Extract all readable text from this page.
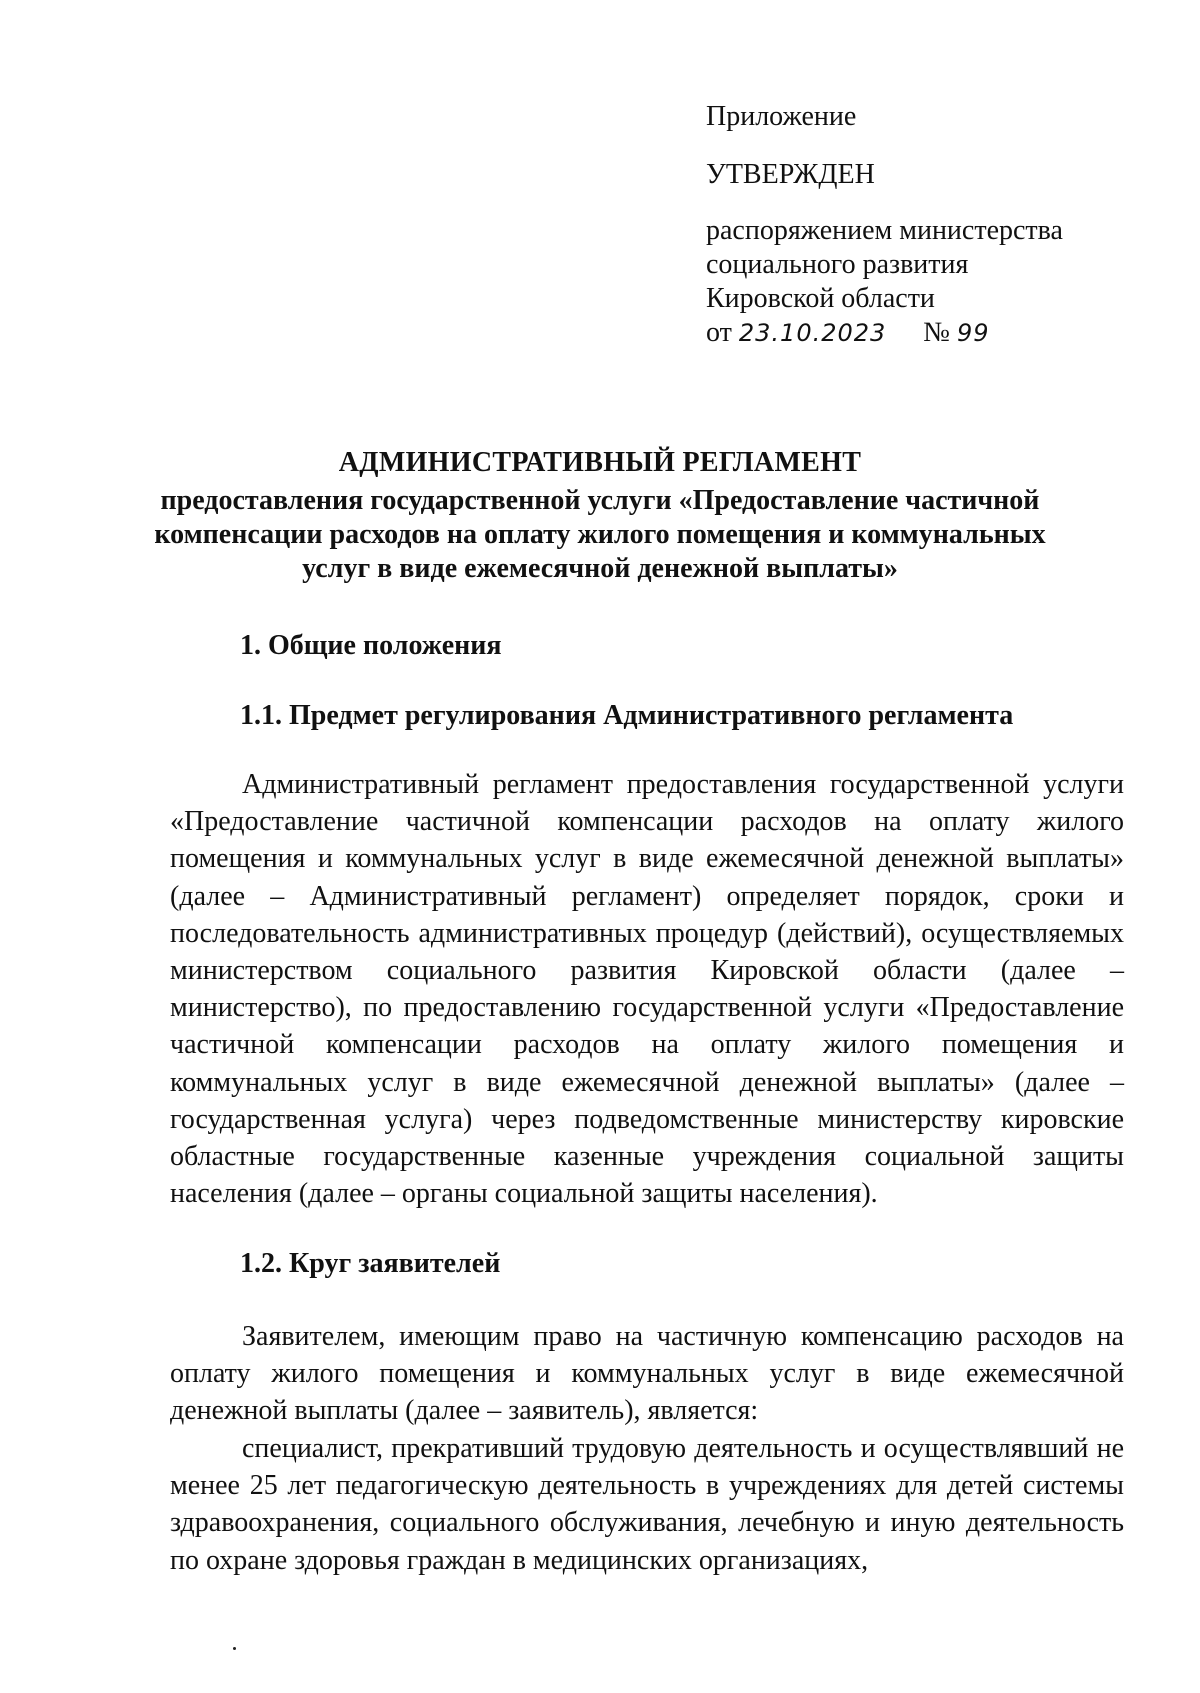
Приложение
УТВЕРЖДЕН
распоряжением министерства
социального развития
Кировской области
от 23.10.2023 № 99
АДМИНИСТРАТИВНЫЙ РЕГЛАМЕНТ
предоставления государственной услуги «Предоставление частичной
компенсации расходов на оплату жилого помещения и коммунальных
услуг в виде ежемесячной денежной выплаты»
1. Общие положения
1.1. Предмет регулирования Административного регламента
Административный регламент предоставления государственной услуги «Предоставление частичной компенсации расходов на оплату жилого помещения и коммунальных услуг в виде ежемесячной денежной выплаты» (далее – Административный регламент) определяет порядок, сроки и последовательность административных процедур (действий), осуществляемых министерством социального развития Кировской области (далее – министерство), по предоставлению государственной услуги «Предоставление частичной компенсации расходов на оплату жилого помещения и коммунальных услуг в виде ежемесячной денежной выплаты» (далее – государственная услуга) через подведомственные министерству кировские областные государственные казенные учреждения социальной защиты населения (далее – органы социальной защиты населения).
1.2. Круг заявителей
Заявителем, имеющим право на частичную компенсацию расходов на оплату жилого помещения и коммунальных услуг в виде ежемесячной денежной выплаты (далее – заявитель), является:
специалист, прекративший трудовую деятельность и осуществлявший не менее 25 лет педагогическую деятельность в учреждениях для детей системы здравоохранения, социального обслуживания, лечебную и иную деятельность по охране здоровья граждан в медицинских организациях,
